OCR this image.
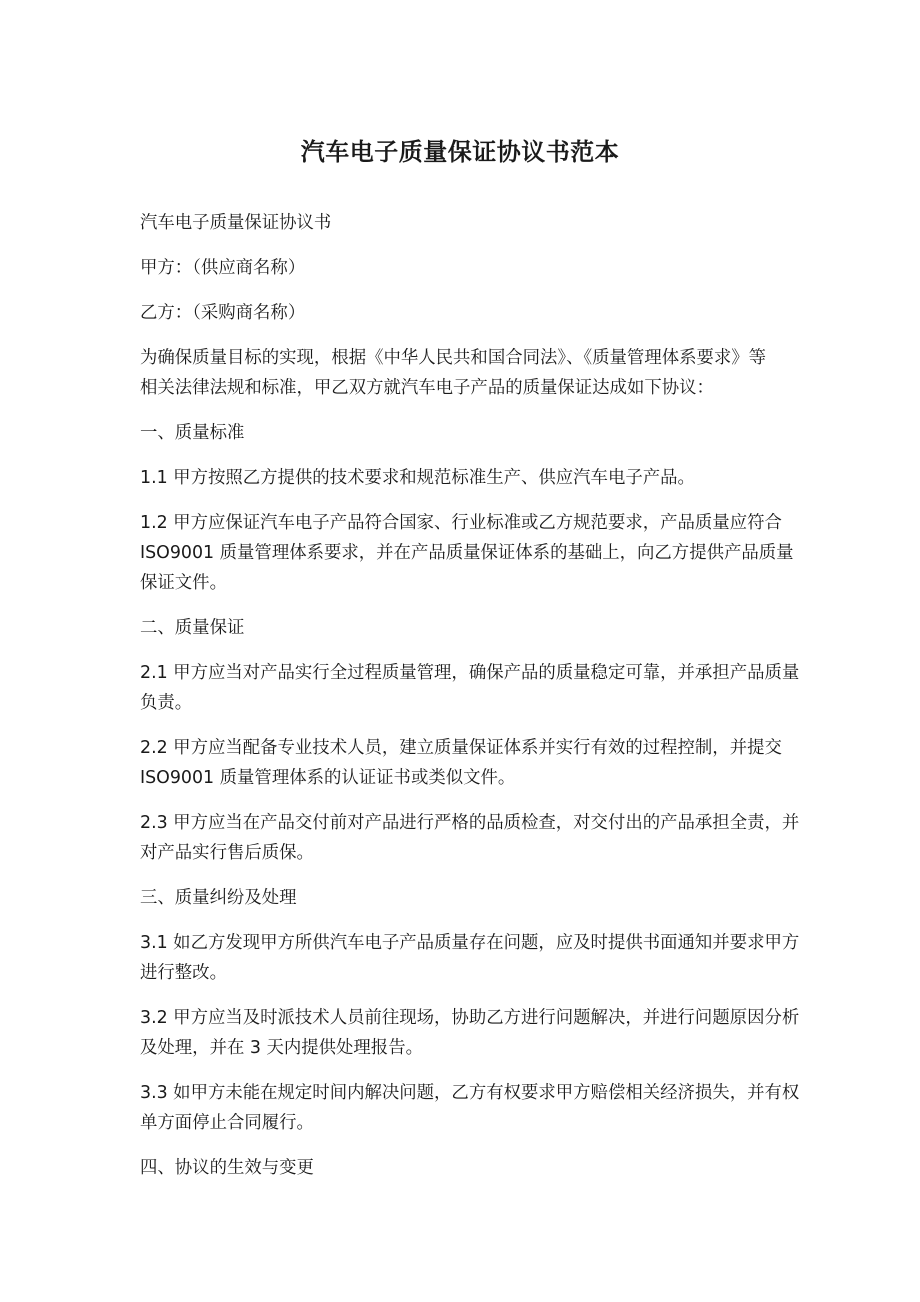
汽车电子质量保证协议书范本
汽车电子质量保证协议书
甲方：（供应商名称）
乙方：（采购商名称）
为确保质量目标的实现，根据《中华人民共和国合同法》、《质量管理体系要求》等
相关法律法规和标准，甲乙双方就汽车电子产品的质量保证达成如下协议：
一、质量标准
1.1 甲方按照乙方提供的技术要求和规范标准生产、供应汽车电子产品。
1.2 甲方应保证汽车电子产品符合国家、行业标准或乙方规范要求，产品质量应符合
ISO9001 质量管理体系要求，并在产品质量保证体系的基础上，向乙方提供产品质量
保证文件。
二、质量保证
2.1 甲方应当对产品实行全过程质量管理，确保产品的质量稳定可靠，并承担产品质量
负责。
2.2 甲方应当配备专业技术人员，建立质量保证体系并实行有效的过程控制，并提交
ISO9001 质量管理体系的认证证书或类似文件。
2.3 甲方应当在产品交付前对产品进行严格的品质检查，对交付出的产品承担全责，并
对产品实行售后质保。
三、质量纠纷及处理
3.1 如乙方发现甲方所供汽车电子产品质量存在问题，应及时提供书面通知并要求甲方
进行整改。
3.2 甲方应当及时派技术人员前往现场，协助乙方进行问题解决，并进行问题原因分析
及处理，并在 3 天内提供处理报告。
3.3 如甲方未能在规定时间内解决问题，乙方有权要求甲方赔偿相关经济损失，并有权
单方面停止合同履行。
四、协议的生效与变更
